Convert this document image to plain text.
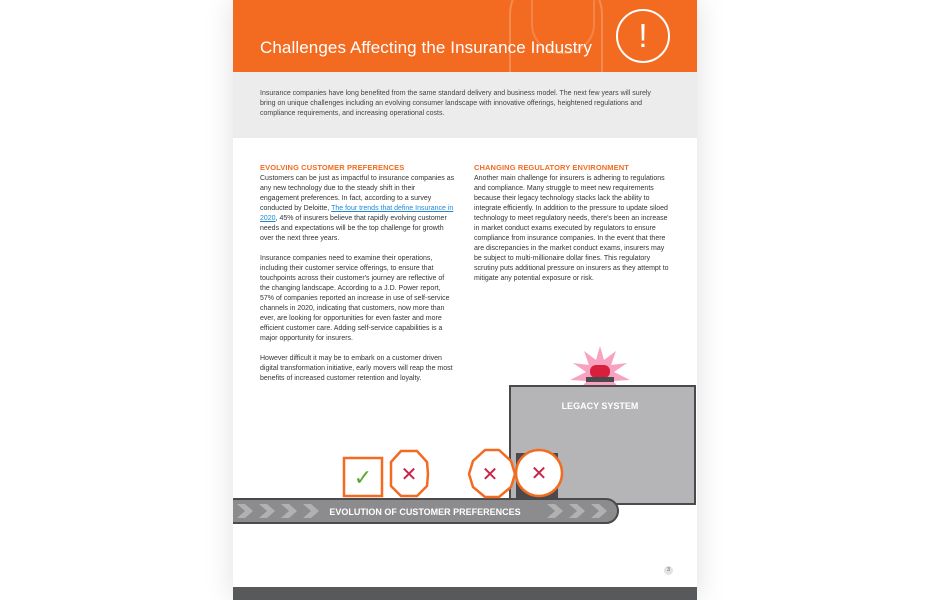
Challenges Affecting the Insurance Industry	!

Insurance companies have long benefited from the same standard delivery and business model. The next few years will surely bring on unique challenges including an evolving consumer landscape with innovative offerings, heightened regulations and compliance requirements, and increasing operational costs.

EVOLVING CUSTOMER PREFERENCES

Customers can be just as impactful to insurance companies as any new technology due to the steady shift in their engagement preferences. In fact, according to a survey conducted by Deloitte, The four trends that define Insurance in 2020, 45% of insurers believe that rapidly evolving customer needs and expectations will be the top challenge for growth over the next three years.

Insurance companies need to examine their operations, including their customer service offerings, to ensure that touchpoints across their customer's journey are reflective of the changing landscape. According to a J.D. Power report, 57% of companies reported an increase in use of self-service channels in 2020, indicating that customers, now more than ever, are looking for opportunities for even faster and more efficient customer care. Adding self-service capabilities is a major opportunity for insurers.

However difficult it may be to embark on a customer driven digital transformation initiative, early movers will reap the most benefits of increased customer retention and loyalty.

CHANGING REGULATORY ENVIRONMENT

Another main challenge for insurers is adhering to regulations and compliance. Many struggle to meet new requirements because their legacy technology stacks lack the ability to integrate efficiently. In addition to the pressure to update siloed technology to meet regulatory needs, there's been an increase in market conduct exams executed by regulators to ensure compliance from insurance companies. In the event that there are discrepancies in the market conduct exams, insurers may be subject to multi-millionaire dollar fines. This regulatory scrutiny puts additional pressure on insurers as they attempt to mitigate any potential exposure or risk.

LEGACY SYSTEM
EVOLUTION OF CUSTOMER PREFERENCES
✓ ✕	✕ ✕
3
